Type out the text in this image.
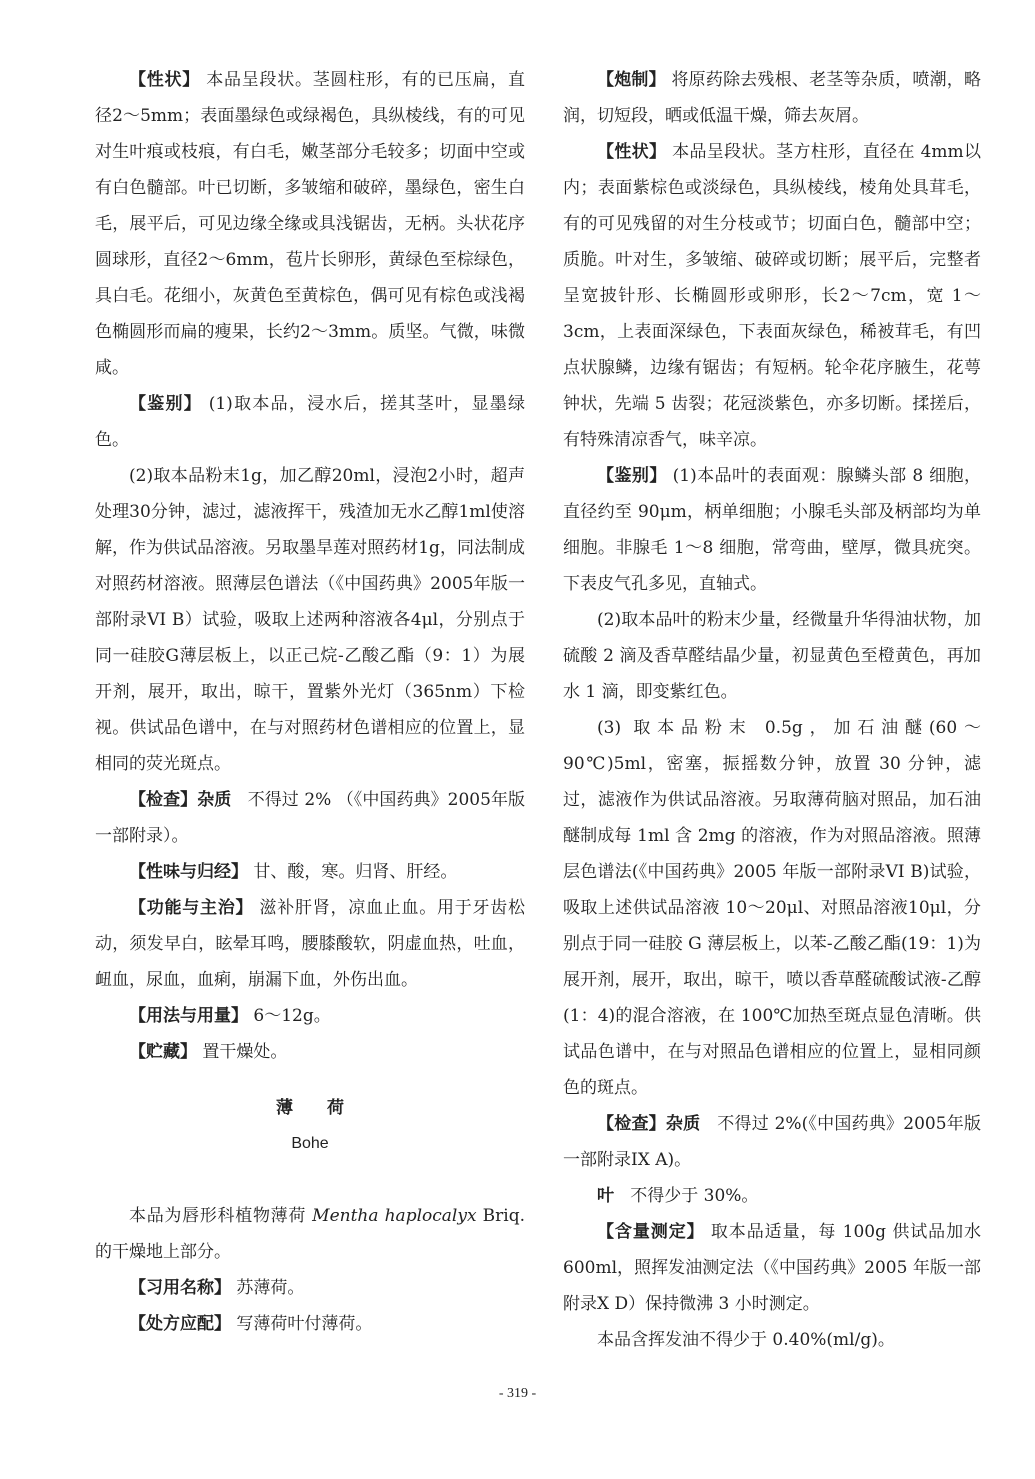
【性状】 本品呈段状。茎圆柱形，有的已压扁，直径2～5mm；表面墨绿色或绿褐色，具纵棱线，有的可见对生叶痕或枝痕，有白毛，嫩茎部分毛较多；切面中空或有白色髓部。叶已切断，多皱缩和破碎，墨绿色，密生白毛，展平后，可见边缘全缘或具浅锯齿，无柄。头状花序圆球形，直径2～6mm，苞片长卵形，黄绿色至棕绿色，具白毛。花细小，灰黄色至黄棕色，偶可见有棕色或浅褐色椭圆形而扁的瘦果，长约2～3mm。质坚。气微，味微咸。

【鉴别】 (1)取本品，浸水后，搓其茎叶，显墨绿色。

(2)取本品粉末1g，加乙醇20ml，浸泡2小时，超声处理30分钟，滤过，滤液挥干，残渣加无水乙醇1ml使溶解，作为供试品溶液。另取墨旱莲对照药材1g，同法制成对照药材溶液。照薄层色谱法（《中国药典》2005年版一部附录VI B）试验，吸取上述两种溶液各4μl，分别点于同一硅胶G薄层板上，以正己烷-乙酸乙酯（9：1）为展开剂，展开，取出，晾干，置紫外光灯（365nm）下检视。供试品色谱中，在与对照药材色谱相应的位置上，显相同的荧光斑点。

【检查】杂质 不得过 2% （《中国药典》2005年版一部附录）。

【性味与归经】 甘、酸，寒。归肾、肝经。

【功能与主治】 滋补肝肾，凉血止血。用于牙齿松动，须发早白，眩晕耳鸣，腰膝酸软，阴虚血热，吐血，衄血，尿血，血痢，崩漏下血，外伤出血。

【用法与用量】 6～12g。

【贮藏】 置干燥处。

薄荷

Bohe

本品为唇形科植物薄荷 Mentha haplocalyx Briq.的干燥地上部分。

【习用名称】 苏薄荷。

【处方应配】 写薄荷叶付薄荷。

【炮制】 将原药除去残根、老茎等杂质，喷潮，略润，切短段，晒或低温干燥，筛去灰屑。

【性状】 本品呈段状。茎方柱形，直径在 4mm以内；表面紫棕色或淡绿色，具纵棱线，棱角处具茸毛，有的可见残留的对生分枝或节；切面白色，髓部中空；质脆。叶对生，多皱缩、破碎或切断；展平后，完整者呈宽披针形、长椭圆形或卵形，长2～7cm，宽 1～3cm，上表面深绿色，下表面灰绿色，稀被茸毛，有凹点状腺鳞，边缘有锯齿；有短柄。轮伞花序腋生，花萼钟状，先端 5 齿裂；花冠淡紫色，亦多切断。揉搓后，有特殊清凉香气，味辛凉。

【鉴别】 (1)本品叶的表面观：腺鳞头部 8 细胞，直径约至 90μm，柄单细胞；小腺毛头部及柄部均为单细胞。非腺毛 1～8 细胞，常弯曲，壁厚，微具疣突。下表皮气孔多见，直轴式。

(2)取本品叶的粉末少量，经微量升华得油状物，加硫酸 2 滴及香草醛结晶少量，初显黄色至橙黄色，再加水 1 滴，即变紫红色。

(3) 取本品粉末 0.5g，加石油醚(60～90℃)5ml，密塞，振摇数分钟，放置 30 分钟，滤过，滤液作为供试品溶液。另取薄荷脑对照品，加石油醚制成每 1ml 含 2mg 的溶液，作为对照品溶液。照薄层色谱法(《中国药典》2005 年版一部附录VI B)试验，吸取上述供试品溶液 10～20μl、对照品溶液10μl，分别点于同一硅胶 G 薄层板上，以苯-乙酸乙酯(19：1)为展开剂，展开，取出，晾干，喷以香草醛硫酸试液-乙醇(1：4)的混合溶液，在 100℃加热至斑点显色清晰。供试品色谱中，在与对照品色谱相应的位置上，显相同颜色的斑点。

【检查】杂质 不得过 2%(《中国药典》2005年版一部附录IX A)。

叶 不得少于 30%。

【含量测定】 取本品适量，每 100g 供试品加水 600ml，照挥发油测定法（《中国药典》2005 年版一部附录X D）保持微沸 3 小时测定。

本品含挥发油不得少于 0.40%(ml/g)。

- 319 -
